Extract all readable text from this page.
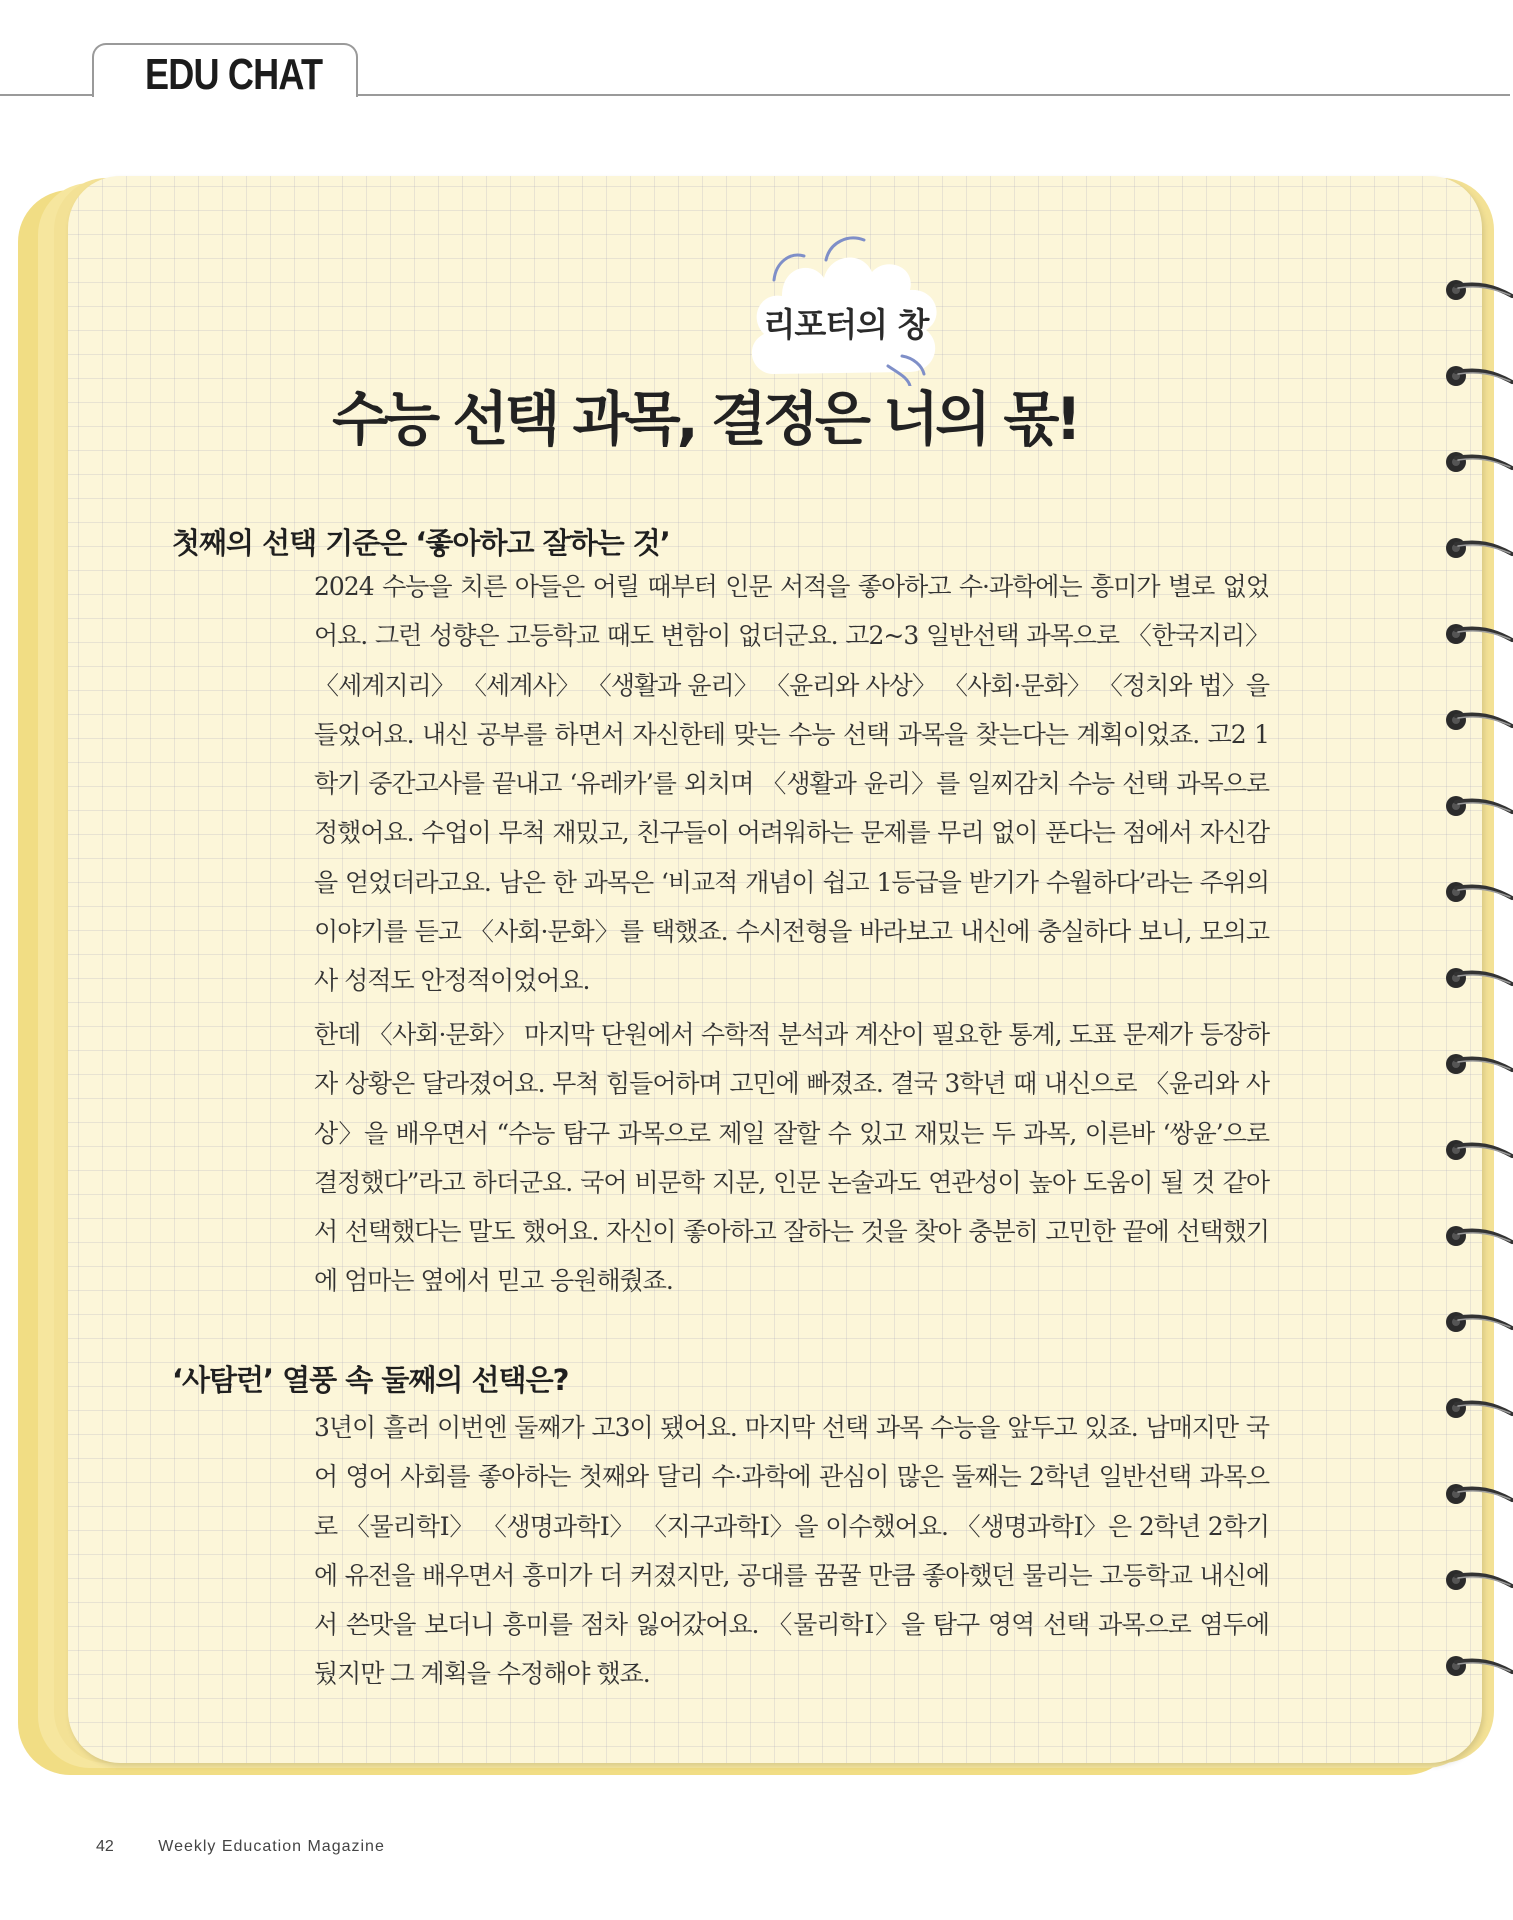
EDU CHAT
리포터의 창
수능 선택 과목, 결정은 너의 몫!
첫째의 선택 기준은 ‘좋아하고 잘하는 것’
2024 수능을 치른 아들은 어릴 때부터 인문 서적을 좋아하고 수·과학에는 흥미가 별로 없었어요. 그런 성향은 고등학교 때도 변함이 없더군요. 고2~3 일반선택 과목으로 〈한국지리〉 〈세계지리〉 〈세계사〉 〈생활과 윤리〉 〈윤리와 사상〉 〈사회·문화〉 〈정치와 법〉을 들었어요. 내신 공부를 하면서 자신한테 맞는 수능 선택 과목을 찾는다는 계획이었죠. 고2 1학기 중간고사를 끝내고 ‘유레카’를 외치며 〈생활과 윤리〉를 일찌감치 수능 선택 과목으로 정했어요. 수업이 무척 재밌고, 친구들이 어려워하는 문제를 무리 없이 푼다는 점에서 자신감을 얻었더라고요. 남은 한 과목은 ‘비교적 개념이 쉽고 1등급을 받기가 수월하다’라는 주위의 이야기를 듣고 〈사회·문화〉를 택했죠. 수시전형을 바라보고 내신에 충실하다 보니, 모의고사 성적도 안정적이었어요.
한데 〈사회·문화〉 마지막 단원에서 수학적 분석과 계산이 필요한 통계, 도표 문제가 등장하자 상황은 달라졌어요. 무척 힘들어하며 고민에 빠졌죠. 결국 3학년 때 내신으로 〈윤리와 사상〉을 배우면서 “수능 탐구 과목으로 제일 잘할 수 있고 재밌는 두 과목, 이른바 ‘쌍윤’으로 결정했다”라고 하더군요. 국어 비문학 지문, 인문 논술과도 연관성이 높아 도움이 될 것 같아서 선택했다는 말도 했어요. 자신이 좋아하고 잘하는 것을 찾아 충분히 고민한 끝에 선택했기에 엄마는 옆에서 믿고 응원해줬죠.
‘사탐런’ 열풍 속 둘째의 선택은?
3년이 흘러 이번엔 둘째가 고3이 됐어요. 마지막 선택 과목 수능을 앞두고 있죠. 남매지만 국어 영어 사회를 좋아하는 첫째와 달리 수·과학에 관심이 많은 둘째는 2학년 일반선택 과목으로 〈물리학Ⅰ〉 〈생명과학Ⅰ〉 〈지구과학Ⅰ〉을 이수했어요. 〈생명과학Ⅰ〉은 2학년 2학기에 유전을 배우면서 흥미가 더 커졌지만, 공대를 꿈꿀 만큼 좋아했던 물리는 고등학교 내신에서 쓴맛을 보더니 흥미를 점차 잃어갔어요. 〈물리학Ⅰ〉을 탐구 영역 선택 과목으로 염두에 뒀지만 그 계획을 수정해야 했죠.
42	Weekly Education Magazine
